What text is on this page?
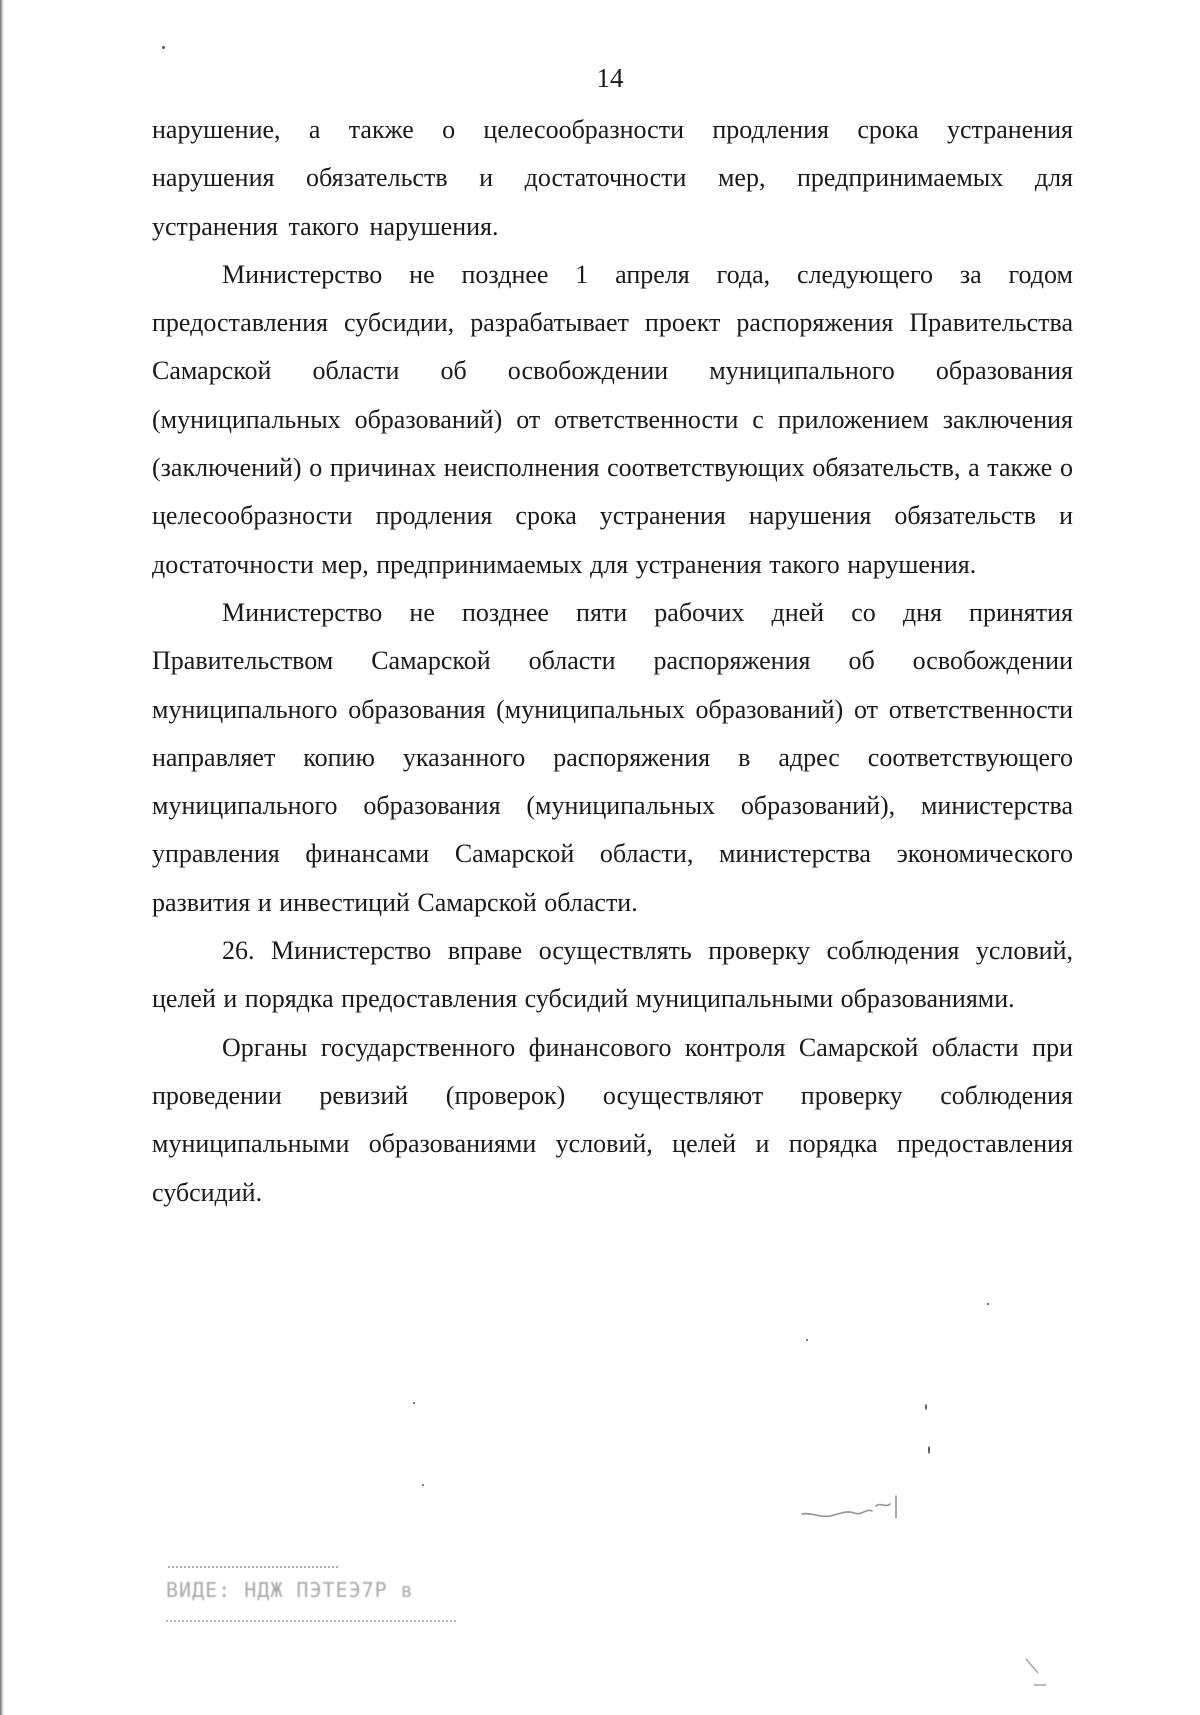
14

нарушение, а также о целесообразности продления срока устранения нарушения обязательств и достаточности мер, предпринимаемых для устранения такого нарушения.

Министерство не позднее 1 апреля года, следующего за годом предоставления субсидии, разрабатывает проект распоряжения Правительства Самарской области об освобождении муниципального образования (муниципальных образований) от ответственности с приложением заключения (заключений) о причинах неисполнения соответствующих обязательств, а также о целесообразности продления срока устранения нарушения обязательств и достаточности мер, предпринимаемых для устранения такого нарушения.

Министерство не позднее пяти рабочих дней со дня принятия Правительством Самарской области распоряжения об освобождении муниципального образования (муниципальных образований) от ответственности направляет копию указанного распоряжения в адрес соответствующего муниципального образования (муниципальных образований), министерства управления финансами Самарской области, министерства экономического развития и инвестиций Самарской области.

26. Министерство вправе осуществлять проверку соблюдения условий, целей и порядка предоставления субсидий муниципальными образованиями.

Органы государственного финансового контроля Самарской области при проведении ревизий (проверок) осуществляют проверку соблюдения муниципальными образованиями условий, целей и порядка предоставления субсидий.

ВИДЕ: НДЖ ПЭТЕЭ7Р в
